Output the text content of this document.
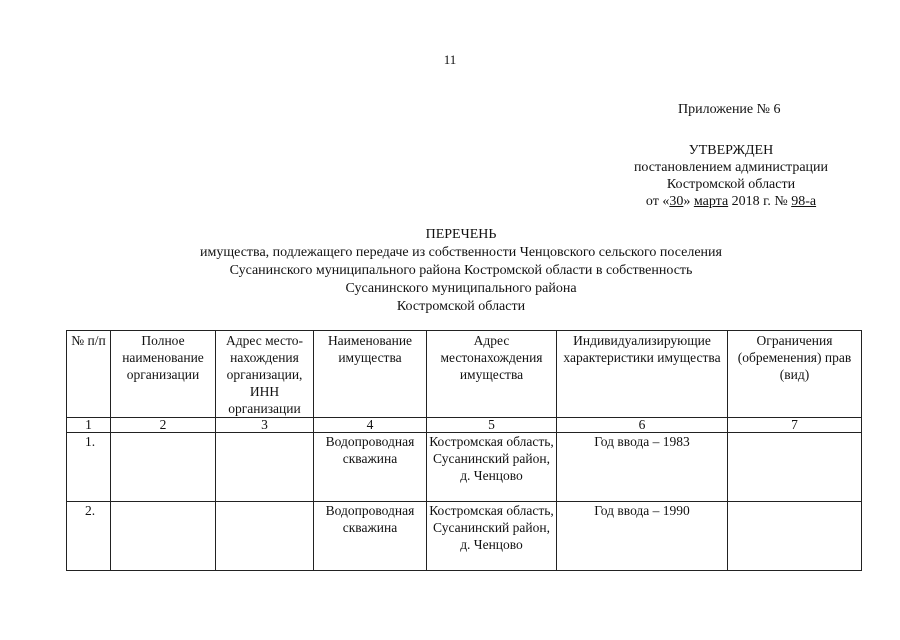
11
Приложение № 6
УТВЕРЖДЕН
постановлением администрации
Костромской области
от «30» марта 2018 г. № 98-а
ПЕРЕЧЕНЬ
имущества, подлежащего передаче из собственности Ченцовского сельского поселения
Сусанинского муниципального района Костромской области в собственность
Сусанинского муниципального района
Костромской области
№ п/п	Полное наименование организации	Адрес место-нахождения организации, ИНН организации	Наименование имущества	Адрес местонахождения имущества	Индивидуализирующие характеристики имущества	Ограничения (обременения) прав (вид)
1	2	3	4	5	6	7
1.			Водопроводная скважина	Костромская область, Сусанинский район, д. Ченцово	Год ввода – 1983	
2.			Водопроводная скважина	Костромская область, Сусанинский район, д. Ченцово	Год ввода – 1990	
